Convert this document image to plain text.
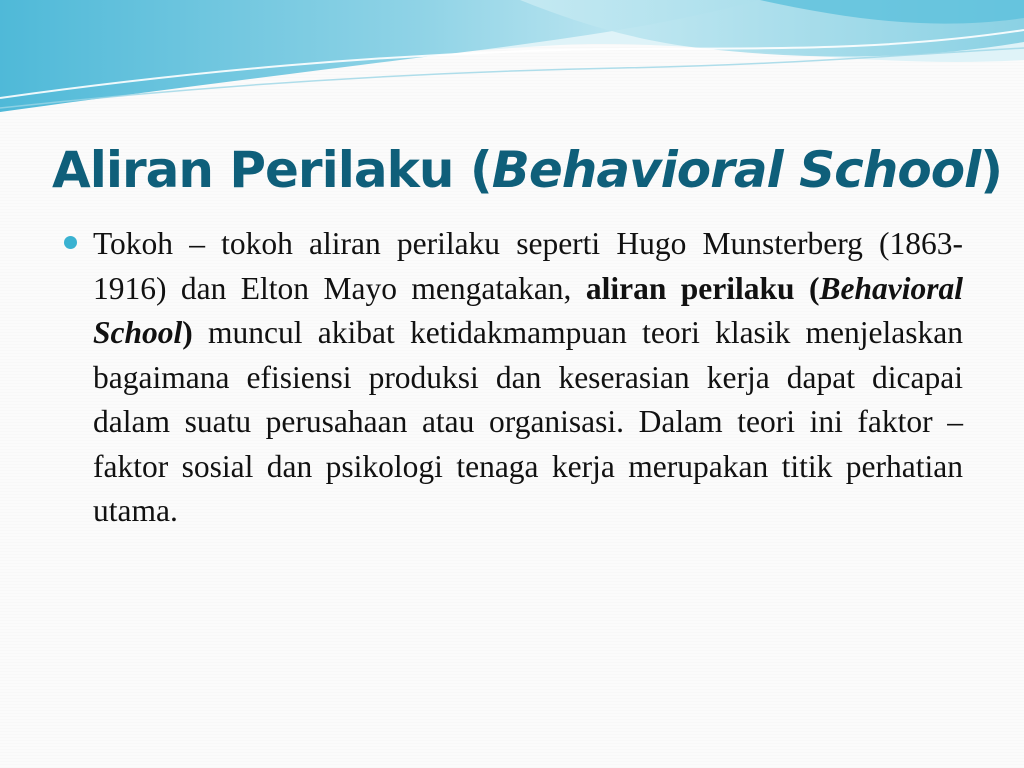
Aliran Perilaku (Behavioral School)

Tokoh – tokoh aliran perilaku seperti Hugo Munsterberg (1863-1916) dan Elton Mayo mengatakan, aliran perilaku (Behavioral School) muncul akibat ketidakmampuan teori klasik menjelaskan bagaimana efisiensi produksi dan keserasian kerja dapat dicapai dalam suatu perusahaan atau organisasi. Dalam teori ini faktor – faktor sosial dan psikologi tenaga kerja merupakan titik perhatian utama.
